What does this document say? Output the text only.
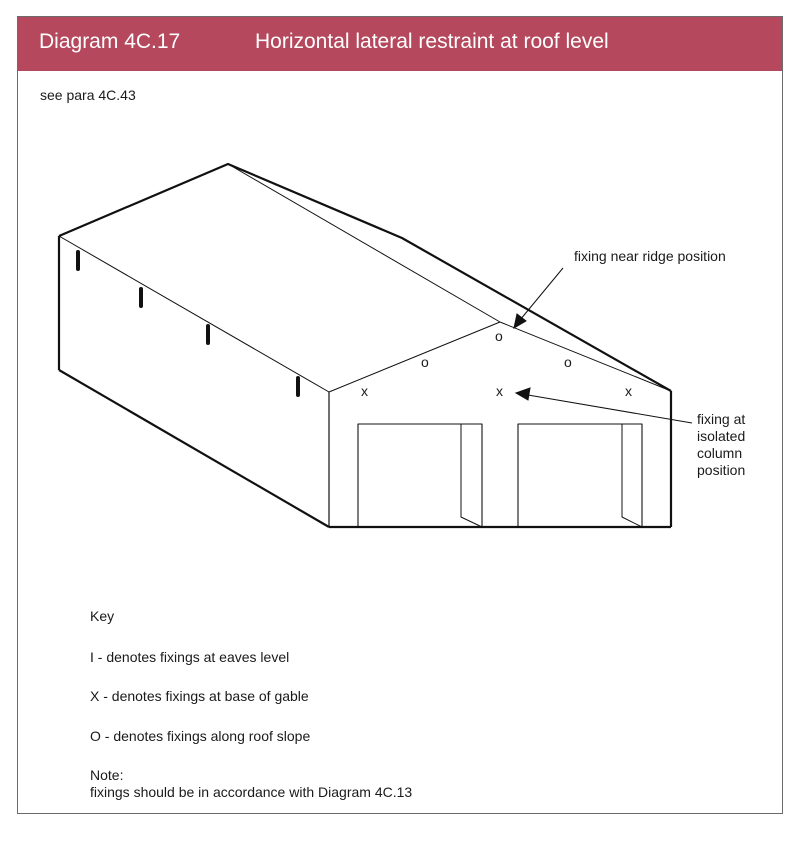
Diagram 4C.17	Horizontal lateral restraint at roof level
see para 4C.43
fixing near ridge position
fixing at
isolated
column
position
o
o	o
x	x	x
Key
I - denotes fixings at eaves level
X - denotes fixings at base of gable
O - denotes fixings along roof slope
Note:
fixings should be in accordance with Diagram 4C.13
